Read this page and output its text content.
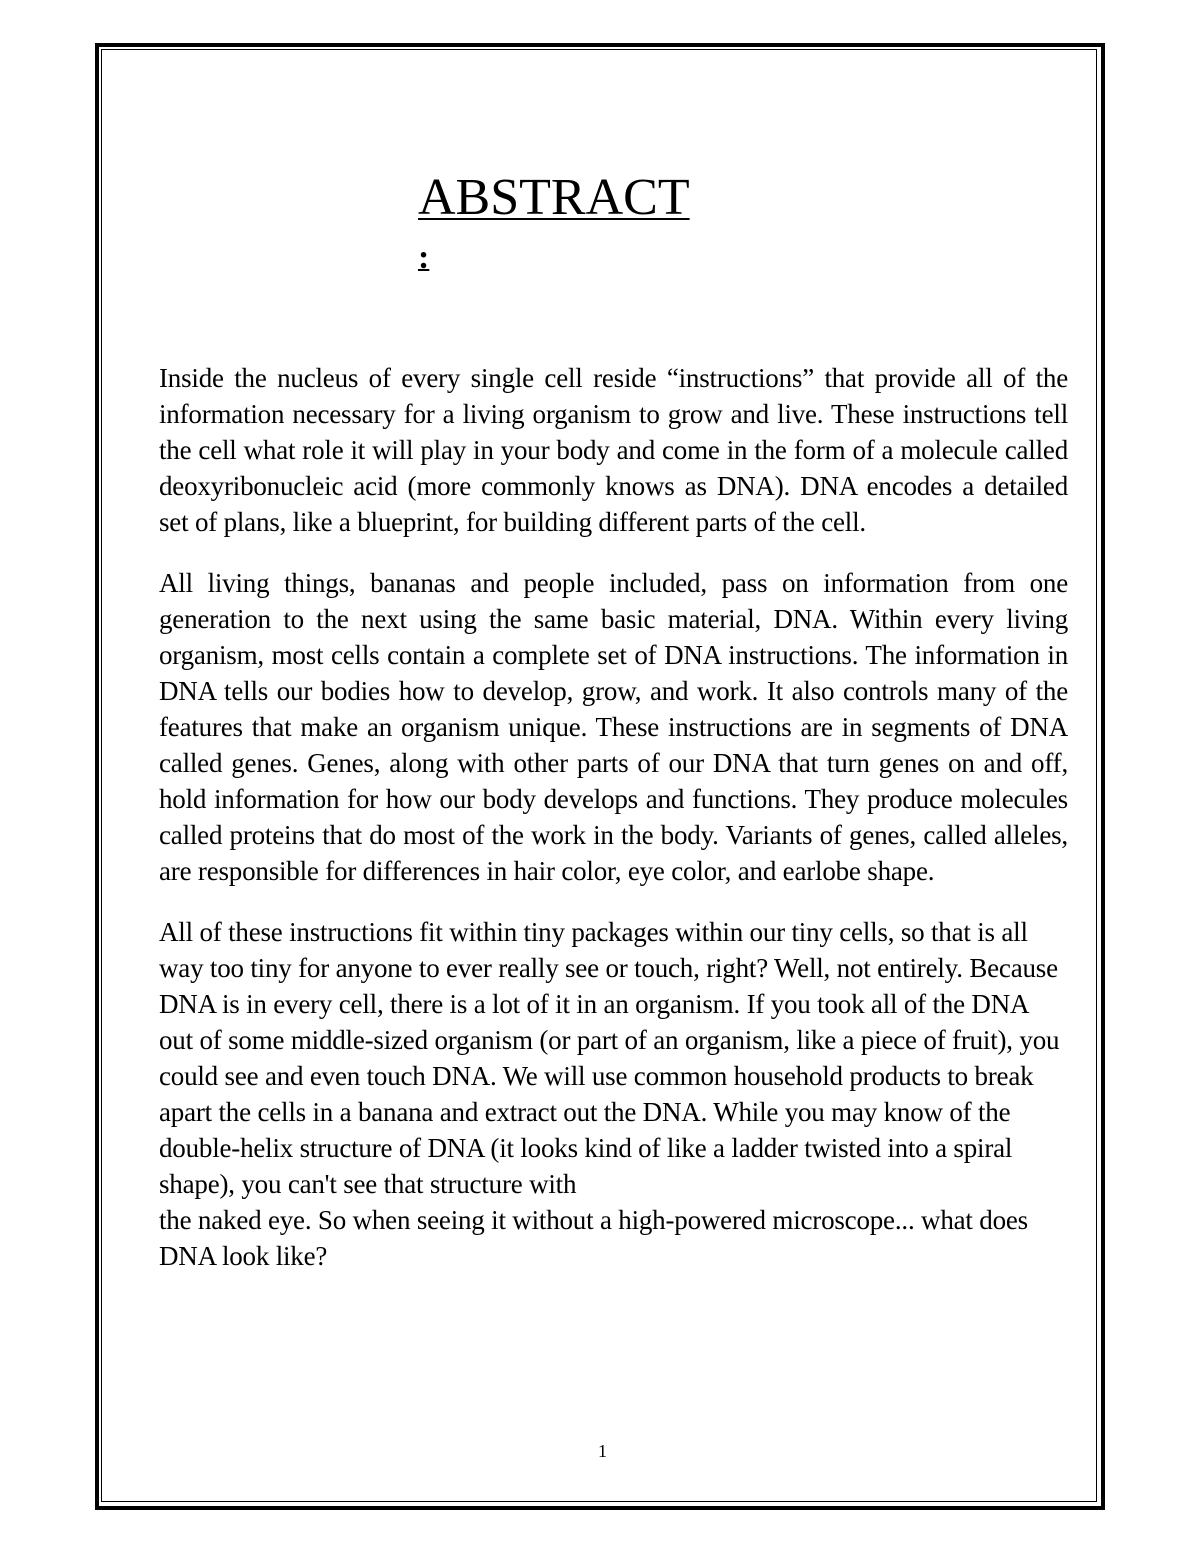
ABSTRACT
:

Inside the nucleus of every single cell reside “instructions” that provide all of the information necessary for a living organism to grow and live. These instructions tell the cell what role it will play in your body and come in the form of a molecule called deoxyribonucleic acid (more commonly knows as DNA). DNA encodes a detailed set of plans, like a blueprint, for building different parts of the cell.

All living things, bananas and people included, pass on information from one generation to the next using the same basic material, DNA. Within every living organism, most cells contain a complete set of DNA instructions. The information in DNA tells our bodies how to develop, grow, and work. It also controls many of the features that make an organism unique. These instructions are in segments of DNA called genes. Genes, along with other parts of our DNA that turn genes on and off, hold information for how our body develops and functions. They produce molecules called proteins that do most of the work in the body. Variants of genes, called alleles, are responsible for differences in hair color, eye color, and earlobe shape.

All of these instructions fit within tiny packages within our tiny cells, so that is all way too tiny for anyone to ever really see or touch, right? Well, not entirely. Because DNA is in every cell, there is a lot of it in an organism. If you took all of the DNA out of some middle-sized organism (or part of an organism, like a piece of fruit), you could see and even touch DNA. We will use common household products to break apart the cells in a banana and extract out the DNA. While you may know of the double-helix structure of DNA (it looks kind of like a ladder twisted into a spiral shape), you can't see that structure with

the naked eye. So when seeing it without a high-powered microscope... what does DNA look like?

1
